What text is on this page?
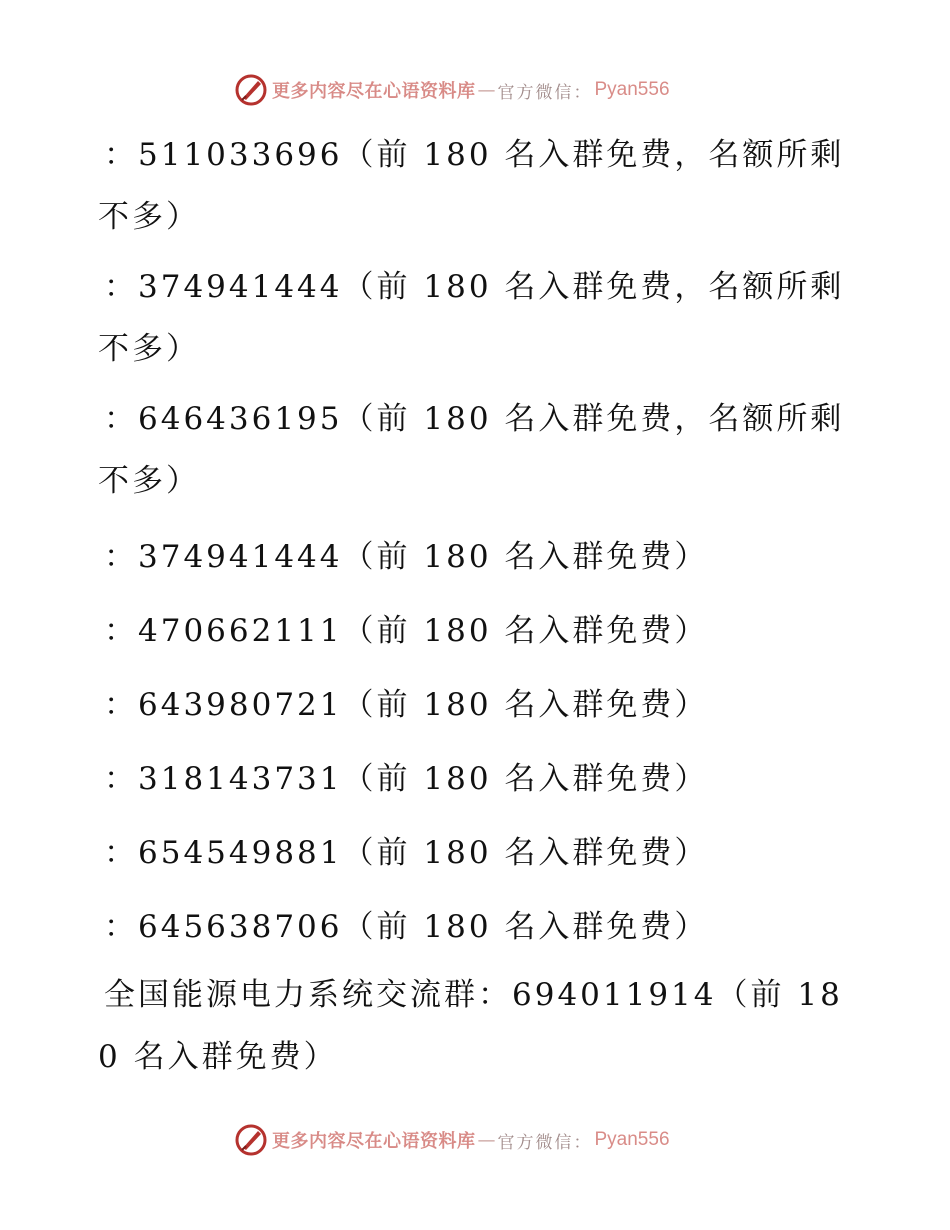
更多内容尽在心语资料库 — 官方微信： Pyan556

：511033696（前 180 名入群免费，名额所剩不多）

：374941444（前 180 名入群免费，名额所剩不多）

：646436195（前 180 名入群免费，名额所剩不多）

：374941444（前 180 名入群免费）

：470662111（前 180 名入群免费）

：643980721（前 180 名入群免费）

：318143731（前 180 名入群免费）

：654549881（前 180 名入群免费）

：645638706（前 180 名入群免费）

全国能源电力系统交流群：694011914（前 180 名入群免费）

更多内容尽在心语资料库 — 官方微信： Pyan556
